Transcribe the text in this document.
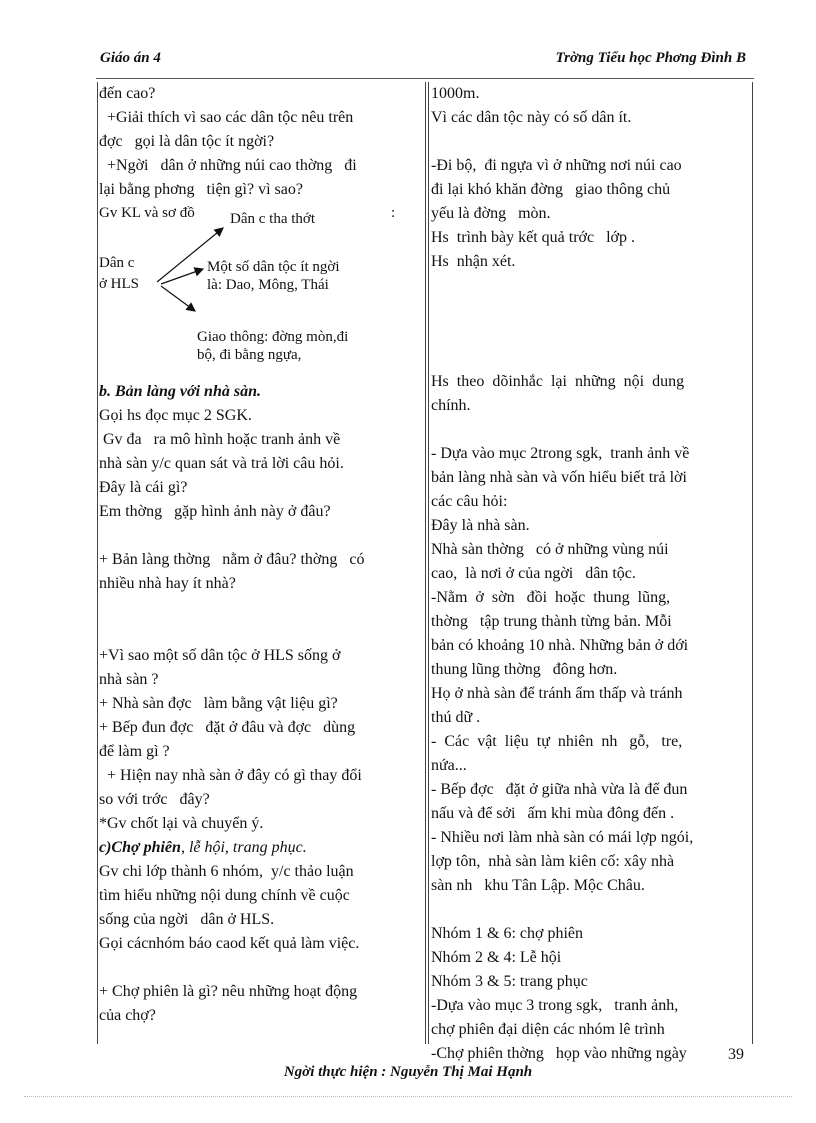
Giáo án 4	Trờng Tiểu học Phơng Đình B
đến cao?
+Giải thích vì sao các dân tộc nêu trên
đợc   gọi là dân tộc ít ngời?
+Ngời   dân ở những núi cao thờng   đi
lại bằng phơng   tiện gì? vì sao?
Gv KL và sơ đồ Dân c tha thớt	:
Dân c
ở HLS
Một số dân tộc ít ngời
là: Dao, Mông, Thái
Giao thông: đờng mòn,đi
bộ, đi bằng ngựa,
b. Bản làng với nhà sàn.
Gọi hs đọc mục 2 SGK.
Gv đa   ra mô hình hoặc tranh ảnh về
nhà sàn y/c quan sát và trả lời câu hỏi.
Đây là cái gì?
Em thờng   gặp hình ảnh này ở đâu?
+ Bản làng thờng   nằm ở đâu? thờng   có
nhiều nhà hay ít nhà?
+Vì sao một số dân tộc ở HLS sống ở
nhà sàn ?
+ Nhà sàn đợc   làm bằng vật liệu gì?
+ Bếp đun đợc   đặt ở đâu và đợc   dùng
để làm gì ?
+ Hiện nay nhà sàn ở đây có gì thay đổi
so với trớc   đây?
*Gv chốt lại và chuyển ý.
c)Chợ phiên, lễ hội, trang phục.
Gv chi lớp thành 6 nhóm,  y/c thảo luận
tìm hiểu những nội dung chính về cuộc
sống của ngời   dân ở HLS.
Gọi cácnhóm báo caod kết quả làm việc.
+ Chợ phiên là gì? nêu những hoạt động
của chợ?
1000m.
Vì các dân tộc này có số dân ít.
-Đi bộ,  đi ngựa vì ở những nơi núi cao
đi lại khó khăn đờng   giao thông chủ
yếu là đờng   mòn.
Hs  trình bày kết quả trớc   lớp .
Hs  nhận xét.
Hs  theo  dõinhắc  lại  những  nội  dung
chính.
- Dựa vào mục 2trong sgk,  tranh ảnh về
bản làng nhà sàn và vốn hiểu biết trả lời
các câu hỏi:
Đây là nhà sàn.
Nhà sàn thờng   có ở những vùng núi
cao,  là nơi ở của ngời   dân tộc.
-Nằm  ở  sờn   đồi  hoặc  thung  lũng,
thờng   tập trung thành từng bản. Mỗi
bản có khoảng 10 nhà. Những bản ở dới
thung lũng thờng   đông hơn.
Họ ở nhà sàn để tránh ẩm thấp và tránh
thú dữ .
-  Các  vật  liệu  tự  nhiên  nh   gỗ,   tre,
nứa...
- Bếp đợc   đặt ở giữa nhà vừa là để đun
nấu và để sởi   ấm khi mùa đông đến .
- Nhiều nơi làm nhà sàn có mái lợp ngói,
lợp tôn,  nhà sàn làm kiên cố: xây nhà
sàn nh   khu Tân Lập. Mộc Châu.
Nhóm 1 & 6: chợ phiên
Nhóm 2 & 4: Lễ hội
Nhóm 3 & 5: trang phục
-Dựa vào mục 3 trong sgk,   tranh ảnh,
chợ phiên đại diện các nhóm lê trình
-Chợ phiên thờng   họp vào những ngày	39
Ngời thực hiện : Nguyễn Thị Mai Hạnh
